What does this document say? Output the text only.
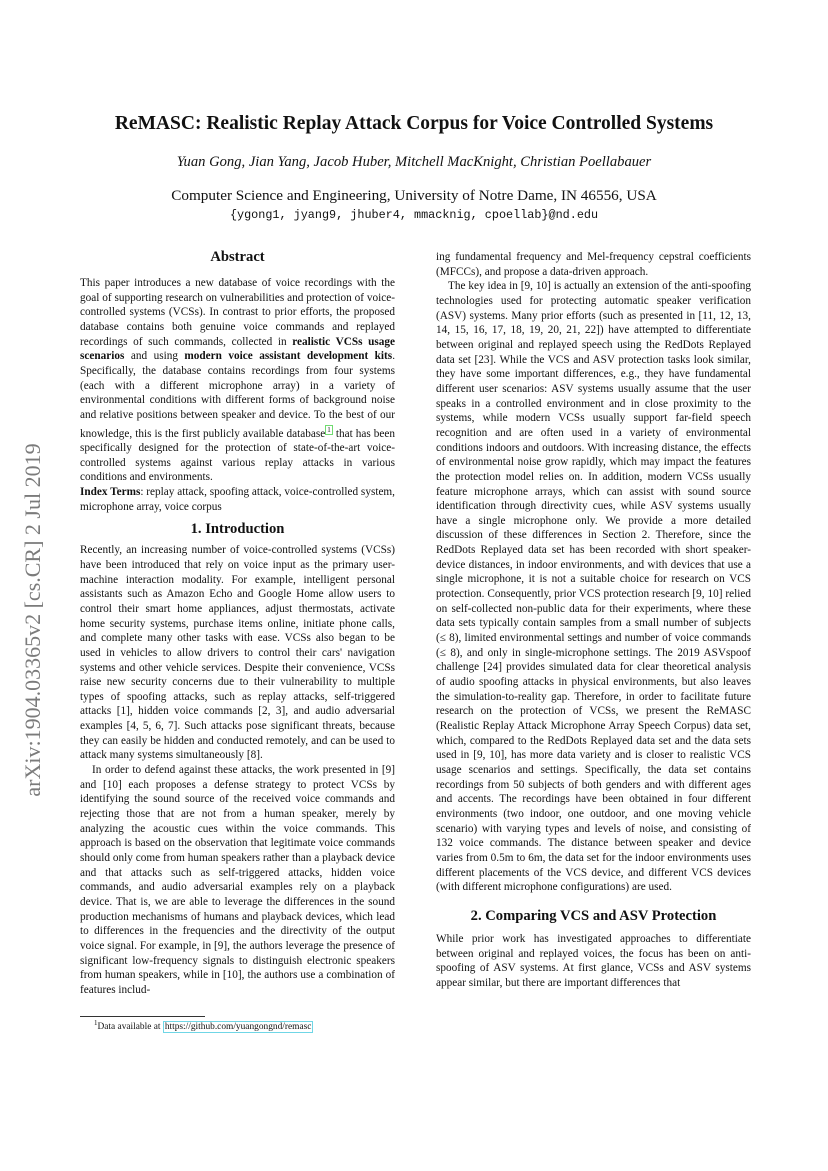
arXiv:1904.03365v2 [cs.CR] 2 Jul 2019
ReMASC: Realistic Replay Attack Corpus for Voice Controlled Systems
Yuan Gong, Jian Yang, Jacob Huber, Mitchell MacKnight, Christian Poellabauer
Computer Science and Engineering, University of Notre Dame, IN 46556, USA
{ygong1, jyang9, jhuber4, mmacknig, cpoellab}@nd.edu
Abstract

This paper introduces a new database of voice recordings with the goal of supporting research on vulnerabilities and protection of voice-controlled systems (VCSs). In contrast to prior efforts, the proposed database contains both genuine voice commands and replayed recordings of such commands, collected in realistic VCSs usage scenarios and using modern voice assistant development kits. Specifically, the database contains recordings from four systems (each with a different microphone array) in a variety of environmental conditions with different forms of background noise and relative positions between speaker and device. To the best of our knowledge, this is the first publicly available database $^1$ that has been specifically designed for the protection of state-of-the-art voice-controlled systems against various replay attacks in various conditions and environments.

Index Terms: replay attack, spoofing attack, voice-controlled system, microphone array, voice corpus

1. Introduction

Recently, an increasing number of voice-controlled systems (VCSs) have been introduced that rely on voice input as the primary user-machine interaction modality. For example, intelligent personal assistants such as Amazon Echo and Google Home allow users to control their smart home appliances, adjust thermostats, activate home security systems, purchase items online, initiate phone calls, and complete many other tasks with ease. VCSs also began to be used in vehicles to allow drivers to control their cars' navigation systems and other vehicle services. Despite their convenience, VCSs raise new security concerns due to their vulnerability to multiple types of spoofing attacks, such as replay attacks, self-triggered attacks [1], hidden voice commands [2, 3], and audio adversarial examples [4, 5, 6, 7]. Such attacks pose significant threats, because they can easily be hidden and conducted remotely, and can be used to attack many systems simultaneously [8].

In order to defend against these attacks, the work presented in [9] and [10] each proposes a defense strategy to protect VCSs by identifying the sound source of the received voice commands and rejecting those that are not from a human speaker, merely by analyzing the acoustic cues within the voice commands. This approach is based on the observation that legitimate voice commands should only come from human speakers rather than a playback device and that attacks such as self-triggered attacks, hidden voice commands, and audio adversarial examples rely on a playback device. That is, we are able to leverage the differences in the sound production mechanisms of humans and playback devices, which lead to differences in the frequencies and the directivity of the output voice signal. For example, in [9], the authors leverage the presence of significant low-frequency signals to distinguish electronic speakers from human speakers, while in [10], the authors use a combination of features includ-

ing fundamental frequency and Mel-frequency cepstral coefficients (MFCCs), and propose a data-driven approach.

The key idea in [9, 10] is actually an extension of the anti-spoofing technologies used for protecting automatic speaker verification (ASV) systems. Many prior efforts (such as presented in [11, 12, 13, 14, 15, 16, 17, 18, 19, 20, 21, 22]) have attempted to differentiate between original and replayed speech using the RedDots Replayed data set [23]. While the VCS and ASV protection tasks look similar, they have some important differences, e.g., they have fundamental different user scenarios: ASV systems usually assume that the user speaks in a controlled environment and in close proximity to the systems, while modern VCSs usually support far-field speech recognition and are often used in a variety of environmental conditions indoors and outdoors. With increasing distance, the effects of environmental noise grow rapidly, which may impact the features the protection model relies on. In addition, modern VCSs usually feature microphone arrays, which can assist with sound source identification through directivity cues, while ASV systems usually have a single microphone only. We provide a more detailed discussion of these differences in Section 2. Therefore, since the RedDots Replayed data set has been recorded with short speaker-device distances, in indoor environments, and with devices that use a single microphone, it is not a suitable choice for research on VCS protection. Consequently, prior VCS protection research [9, 10] relied on self-collected non-public data for their experiments, where these data sets typically contain samples from a small number of subjects (≤ 8), limited environmental settings and number of voice commands (≤ 8), and only in single-microphone settings. The 2019 ASVspoof challenge [24] provides simulated data for clear theoretical analysis of audio spoofing attacks in physical environments, but also leaves the simulation-to-reality gap. Therefore, in order to facilitate future research on the protection of VCSs, we present the ReMASC (Realistic Replay Attack Microphone Array Speech Corpus) data set, which, compared to the RedDots Replayed data set and the data sets used in [9, 10], has more data variety and is closer to realistic VCS usage scenarios and settings. Specifically, the data set contains recordings from 50 subjects of both genders and with different ages and accents. The recordings have been obtained in four different environments (two indoor, one outdoor, and one moving vehicle scenario) with varying types and levels of noise, and consisting of 132 voice commands. The distance between speaker and device varies from 0.5m to 6m, the data set for the indoor environments uses different placements of the VCS device, and different VCS devices (with different microphone configurations) are used.

2. Comparing VCS and ASV Protection

While prior work has investigated approaches to differentiate between original and replayed voices, the focus has been on anti-spoofing of ASV systems. At first glance, VCSs and ASV systems appear similar, but there are important differences that

$^1$Data available at https://github.com/yuangongnd/remasc
